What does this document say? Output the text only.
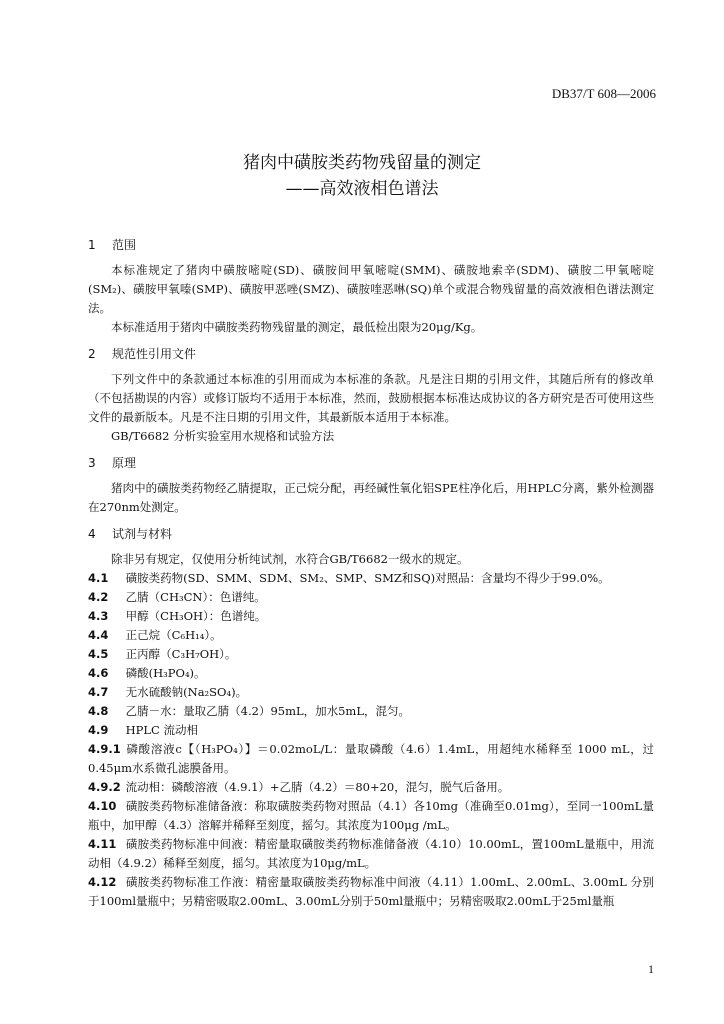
DB37/T 608—2006
猪肉中磺胺类药物残留量的测定
——高效液相色谱法
1 范围
本标准规定了猪肉中磺胺嘧啶(SD)、磺胺间甲氧嘧啶(SMM)、磺胺地索辛(SDM)、磺胺二甲氧嘧啶(SM₂)、磺胺甲氧嗪(SMP)、磺胺甲恶唑(SMZ)、磺胺喹恶啉(SQ)单个或混合物残留量的高效液相色谱法测定法。
本标准适用于猪肉中磺胺类药物残留量的测定，最低检出限为20μg/Kg。
2 规范性引用文件
下列文件中的条款通过本标准的引用而成为本标准的条款。凡是注日期的引用文件，其随后所有的修改单（不包括勘误的内容）或修订版均不适用于本标准，然而，鼓励根据本标准达成协议的各方研究是否可使用这些文件的最新版本。凡是不注日期的引用文件，其最新版本适用于本标准。
GB/T6682 分析实验室用水规格和试验方法
3 原理
猪肉中的磺胺类药物经乙腈提取，正己烷分配，再经碱性氧化铝SPE柱净化后，用HPLC分离，紫外检测器在270nm处测定。
4 试剂与材料
除非另有规定，仅使用分析纯试剂，水符合GB/T6682一级水的规定。
4.1 磺胺类药物(SD、SMM、SDM、SM₂、SMP、SMZ和SQ)对照品：含量均不得少于99.0%。
4.2 乙腈（CH₃CN）：色谱纯。
4.3 甲醇（CH₃OH）：色谱纯。
4.4 正己烷（C₆H₁₄）。
4.5 正丙醇（C₃H₇OH）。
4.6 磷酸(H₃PO₄)。
4.7 无水硫酸钠(Na₂SO₄)。
4.8 乙腈－水：量取乙腈（4.2）95mL，加水5mL，混匀。
4.9 HPLC 流动相
4.9.1 磷酸溶液c【（H₃PO₄）】＝0.02moL/L：量取磷酸（4.6）1.4mL，用超纯水稀释至 1000 mL，过0.45μm水系微孔滤膜备用。
4.9.2 流动相：磷酸溶液（4.9.1）+乙腈（4.2）＝80+20，混匀，脱气后备用。
4.10 磺胺类药物标准储备液：称取磺胺类药物对照品（4.1）各10mg（准确至0.01mg），至同一100mL量瓶中，加甲醇（4.3）溶解并稀释至刻度，摇匀。其浓度为100μg /mL。
4.11 磺胺类药物标准中间液：精密量取磺胺类药物标准储备液（4.10）10.00mL，置100mL量瓶中，用流动相（4.9.2）稀释至刻度，摇匀。其浓度为10μg/mL。
4.12 磺胺类药物标准工作液：精密量取磺胺类药物标准中间液（4.11）1.00mL、2.00mL、3.00mL 分别于100ml量瓶中；另精密吸取2.00mL、3.00mL分别于50ml量瓶中；另精密吸取2.00mL于25ml量瓶
1
